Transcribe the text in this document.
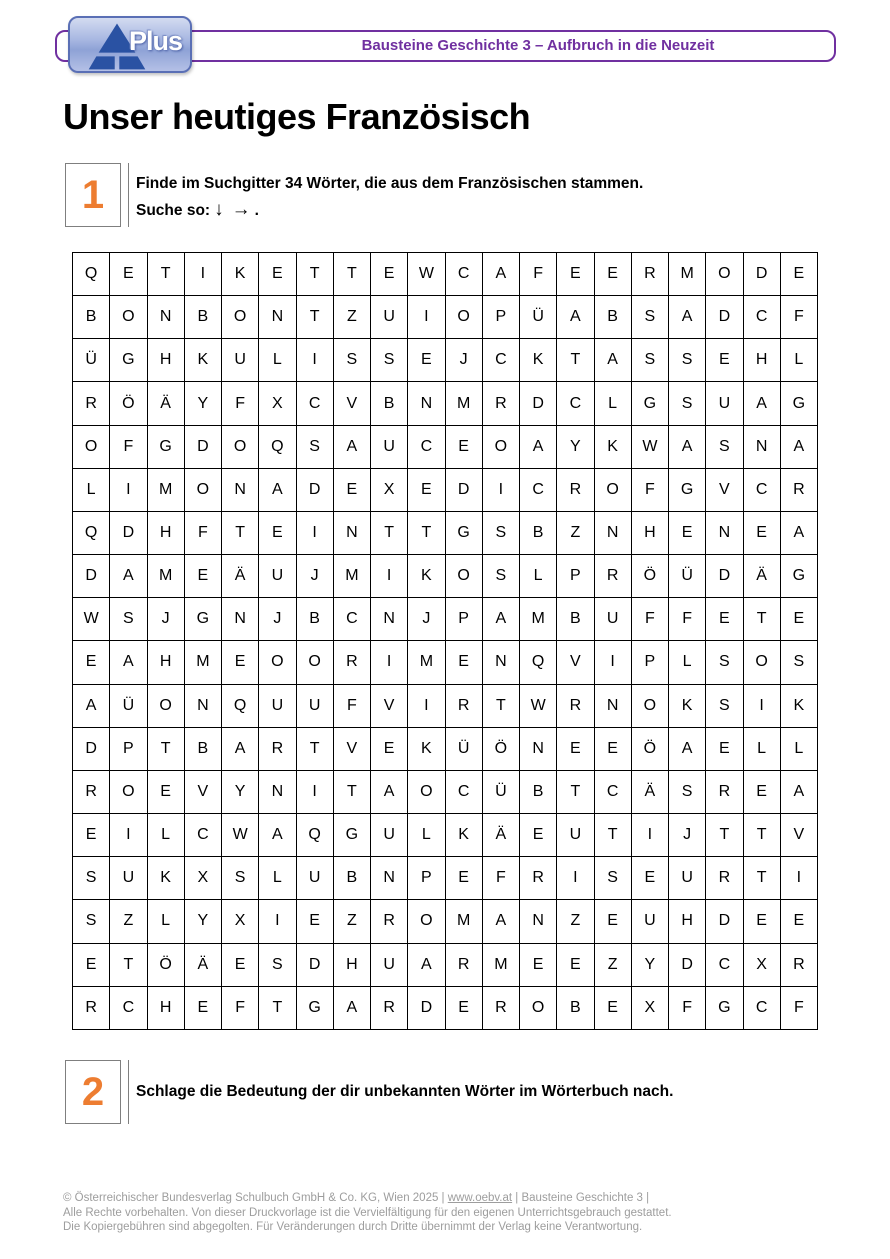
Bausteine Geschichte 3 – Aufbruch in die Neuzeit
Plus
Unser heutiges Französisch
1 Finde im Suchgitter 34 Wörter, die aus dem Französischen stammen.
Suche so: ↓ → .
Q	E	T	I	K	E	T	T	E	W	C	A	F	E	E	R	M	O	D	E
B	O	N	B	O	N	T	Z	U	I	O	P	Ü	A	B	S	A	D	C	F
Ü	G	H	K	U	L	I	S	S	E	J	C	K	T	A	S	S	E	H	L
R	Ö	Ä	Y	F	X	C	V	B	N	M	R	D	C	L	G	S	U	A	G
O	F	G	D	O	Q	S	A	U	C	E	O	A	Y	K	W	A	S	N	A
L	I	M	O	N	A	D	E	X	E	D	I	C	R	O	F	G	V	C	R
Q	D	H	F	T	E	I	N	T	T	G	S	B	Z	N	H	E	N	E	A
D	A	M	E	Ä	U	J	M	I	K	O	S	L	P	R	Ö	Ü	D	Ä	G
W	S	J	G	N	J	B	C	N	J	P	A	M	B	U	F	F	E	T	E
E	A	H	M	E	O	O	R	I	M	E	N	Q	V	I	P	L	S	O	S
A	Ü	O	N	Q	U	U	F	V	I	R	T	W	R	N	O	K	S	I	K
D	P	T	B	A	R	T	V	E	K	Ü	Ö	N	E	E	Ö	A	E	L	L
R	O	E	V	Y	N	I	T	A	O	C	Ü	B	T	C	Ä	S	R	E	A
E	I	L	C	W	A	Q	G	U	L	K	Ä	E	U	T	I	J	T	T	V
S	U	K	X	S	L	U	B	N	P	E	F	R	I	S	E	U	R	T	I
S	Z	L	Y	X	I	E	Z	R	O	M	A	N	Z	E	U	H	D	E	E
E	T	Ö	Ä	E	S	D	H	U	A	R	M	E	E	Z	Y	D	C	X	R
R	C	H	E	F	T	G	A	R	D	E	R	O	B	E	X	F	G	C	F
2 Schlage die Bedeutung der dir unbekannten Wörter im Wörterbuch nach.
© Österreichischer Bundesverlag Schulbuch GmbH & Co. KG, Wien 2025 | www.oebv.at | Bausteine Geschichte 3 |
Alle Rechte vorbehalten. Von dieser Druckvorlage ist die Vervielfältigung für den eigenen Unterrichtsgebrauch gestattet.
Die Kopiergebühren sind abgegolten. Für Veränderungen durch Dritte übernimmt der Verlag keine Verantwortung.
